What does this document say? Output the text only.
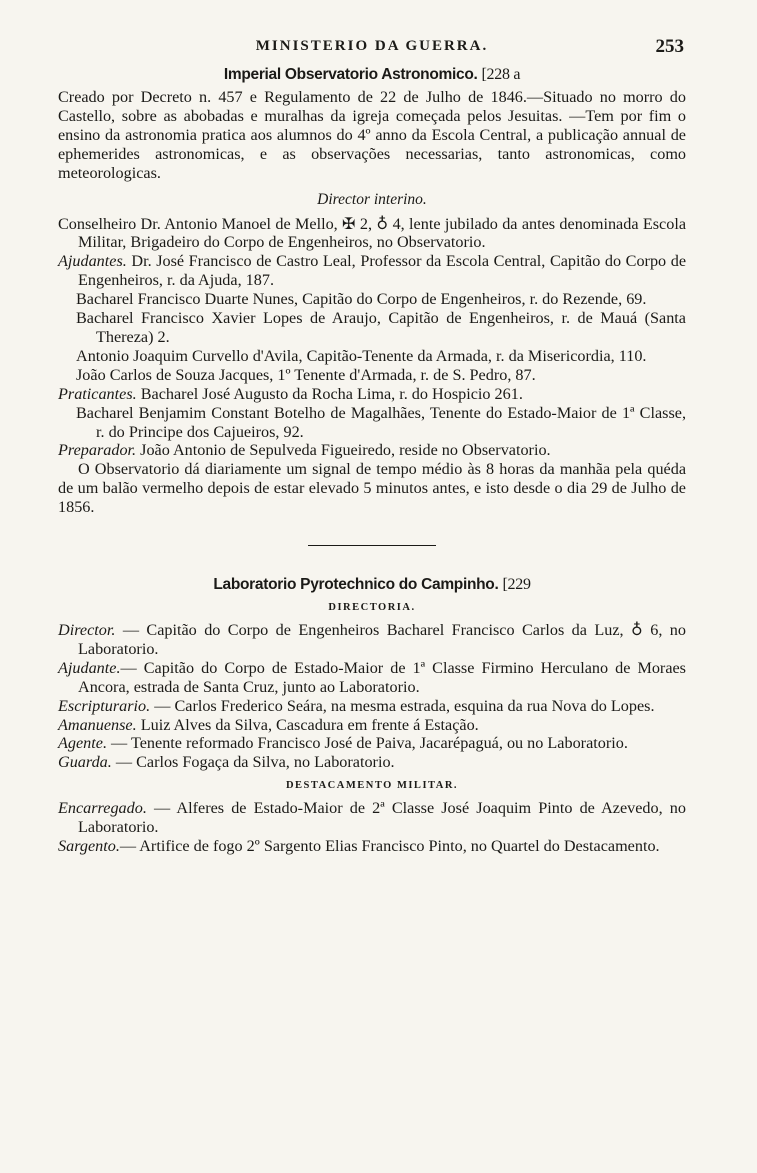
MINISTERIO DA GUERRA.	253
Imperial Observatorio Astronomico. [228 a

Creado por Decreto n. 457 e Regulamento de 22 de Julho de 1846.—Situado no morro do Castello, sobre as abobadas e muralhas da igreja começada pelos Jesuitas. —Tem por fim o ensino da astronomia pratica aos alumnos do 4º anno da Escola Central, a publicação annual de ephemerides astronomicas, e as observações necessarias, tanto astronomicas, como meteorologicas.

Director interino.

Conselheiro Dr. Antonio Manoel de Mello, ✠ 2, ♁ 4, lente jubilado da antes denominada Escola Militar, Brigadeiro do Corpo de Engenheiros, no Observatorio.

Ajudantes. Dr. José Francisco de Castro Leal, Professor da Escola Central, Capitão do Corpo de Engenheiros, r. da Ajuda, 187.

Bacharel Francisco Duarte Nunes, Capitão do Corpo de Engenheiros, r. do Rezende, 69.

Bacharel Francisco Xavier Lopes de Araujo, Capitão de Engenheiros, r. de Mauá (Santa Thereza) 2.

Antonio Joaquim Curvello d'Avila, Capitão-Tenente da Armada, r. da Misericordia, 110.

João Carlos de Souza Jacques, 1º Tenente d'Armada, r. de S. Pedro, 87.

Praticantes. Bacharel José Augusto da Rocha Lima, r. do Hospicio 261.

Bacharel Benjamim Constant Botelho de Magalhães, Tenente do Estado-Maior de 1ª Classe, r. do Principe dos Cajueiros, 92.

Preparador. João Antonio de Sepulveda Figueiredo, reside no Observatorio.

O Observatorio dá diariamente um signal de tempo médio às 8 horas da manhãa pela quéda de um balão vermelho depois de estar elevado 5 minutos antes, e isto desde o dia 29 de Julho de 1856.

Laboratorio Pyrotechnico do Campinho. [229
DIRECTORIA.

Director. — Capitão do Corpo de Engenheiros Bacharel Francisco Carlos da Luz, ♁ 6, no Laboratorio.

Ajudante.— Capitão do Corpo de Estado-Maior de 1ª Classe Firmino Herculano de Moraes Ancora, estrada de Santa Cruz, junto ao Laboratorio.

Escripturario. — Carlos Frederico Seára, na mesma estrada, esquina da rua Nova do Lopes.

Amanuense. Luiz Alves da Silva, Cascadura em frente á Estação.

Agente. — Tenente reformado Francisco José de Paiva, Jacarépaguá, ou no Laboratorio.

Guarda. — Carlos Fogaça da Silva, no Laboratorio.

DESTACAMENTO MILITAR.

Encarregado. — Alferes de Estado-Maior de 2ª Classe José Joaquim Pinto de Azevedo, no Laboratorio.

Sargento.— Artifice de fogo 2º Sargento Elias Francisco Pinto, no Quartel do Destacamento.
